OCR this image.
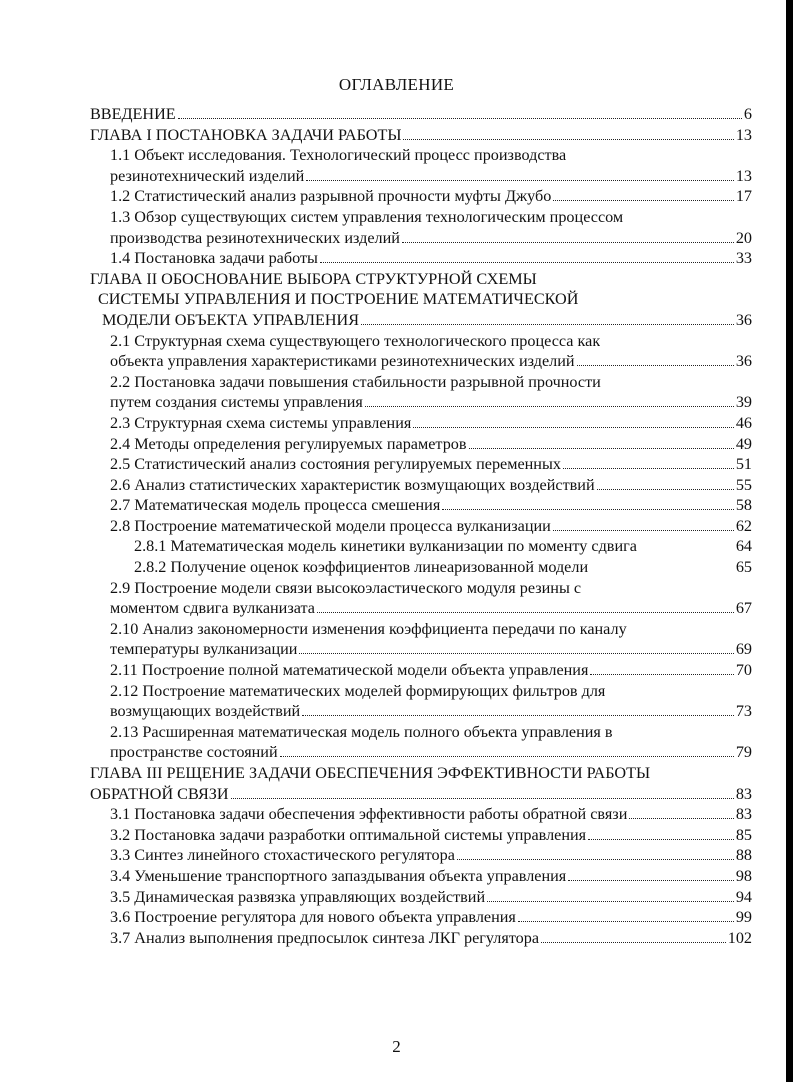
ОГЛАВЛЕНИЕ
ВВЕДЕНИЕ	6
ГЛАВА I ПОСТАНОВКА ЗАДАЧИ РАБОТЫ	13
1.1 Объект исследования. Технологический процесс производства
резинотехнический изделий	13
1.2 Статистический анализ разрывной прочности муфты Джубо	17
1.3 Обзор существующих систем управления технологическим процессом
производства резинотехнических изделий	20
1.4 Постановка задачи работы	33
ГЛАВА II ОБОСНОВАНИЕ ВЫБОРА СТРУКТУРНОЙ СХЕМЫ
СИСТЕМЫ УПРАВЛЕНИЯ И ПОСТРОЕНИЕ МАТЕМАТИЧЕСКОЙ
МОДЕЛИ ОБЪЕКТА УПРАВЛЕНИЯ	36
2.1 Структурная схема существующего технологического процесса как
объекта управления характеристиками резинотехнических изделий	36
2.2 Постановка задачи повышения стабильности разрывной прочности
путем создания системы управления	39
2.3 Структурная схема системы управления	46
2.4 Методы определения регулируемых параметров	49
2.5 Статистический анализ состояния регулируемых переменных	51
2.6 Анализ статистических характеристик возмущающих воздействий	55
2.7 Математическая модель процесса смешения	58
2.8 Построение математической модели процесса вулканизации	62
2.8.1 Математическая модель кинетики вулканизации по моменту сдвига	64
2.8.2 Получение оценок коэффициентов линеаризованной модели	65
2.9 Построение модели связи высокоэластического модуля резины с
моментом сдвига вулканизата	67
2.10 Анализ закономерности изменения коэффициента передачи по каналу
температуры вулканизации	69
2.11 Построение полной математической модели объекта управления	70
2.12 Построение математических моделей формирующих фильтров для
возмущающих воздействий	73
2.13 Расширенная математическая модель полного объекта управления в
пространстве состояний	79
ГЛАВА III РЕЩЕНИЕ ЗАДАЧИ ОБЕСПЕЧЕНИЯ ЭФФЕКТИВНОСТИ РАБОТЫ
ОБРАТНОЙ СВЯЗИ	83
3.1 Постановка задачи обеспечения эффективности работы обратной связи	83
3.2 Постановка задачи разработки оптимальной системы управления	85
3.3 Синтез линейного стохастического регулятора	88
3.4 Уменьшение транспортного запаздывания объекта управления	98
3.5 Динамическая развязка управляющих воздействий	94
3.6 Построение регулятора для нового объекта управления	99
3.7 Анализ выполнения предпосылок синтеза ЛКГ регулятора	102
2
